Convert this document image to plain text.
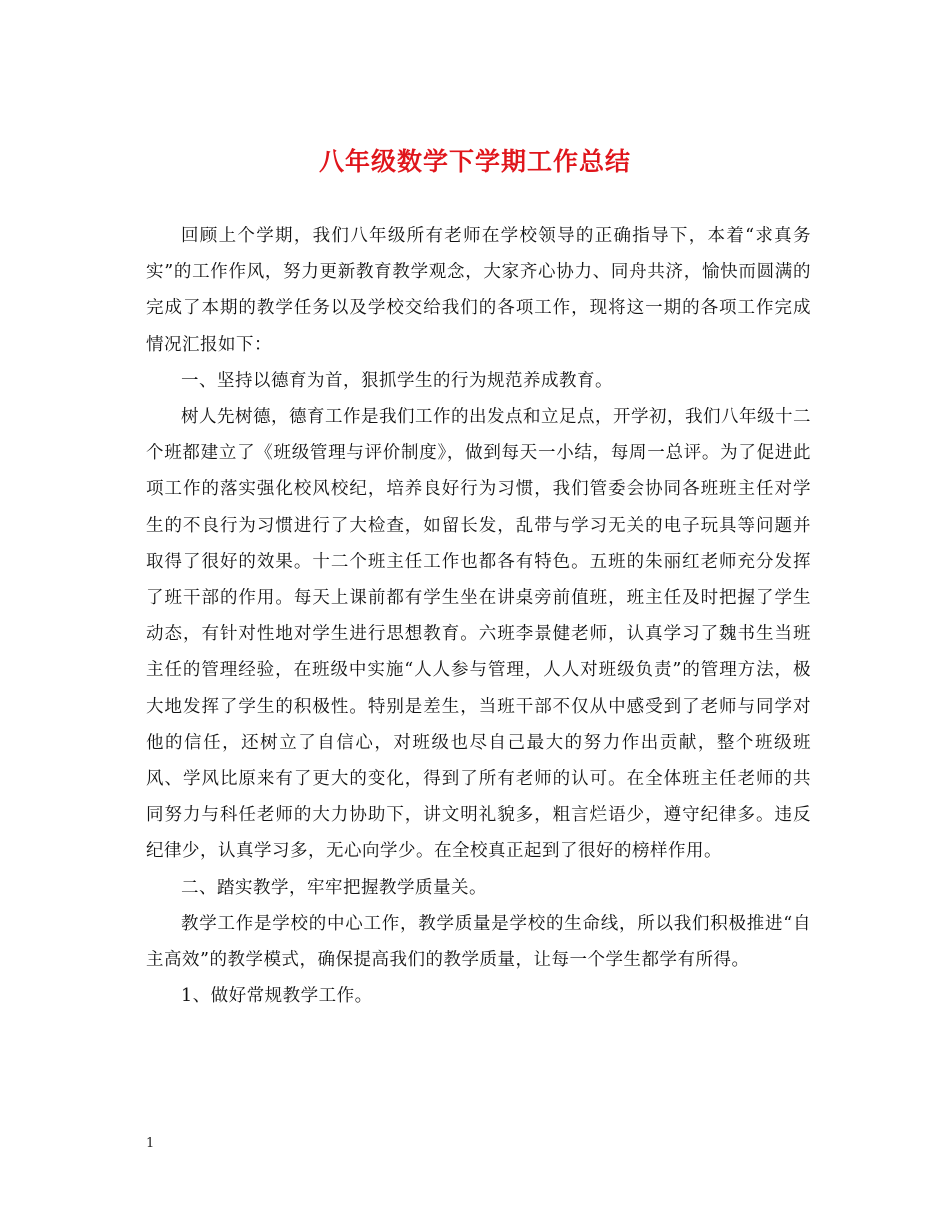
八年级数学下学期工作总结

回顾上个学期，我们八年级所有老师在学校领导的正确指导下，本着“求真务实”的工作作风，努力更新教育教学观念，大家齐心协力、同舟共济，愉快而圆满的完成了本期的教学任务以及学校交给我们的各项工作，现将这一期的各项工作完成情况汇报如下：

一、坚持以德育为首，狠抓学生的行为规范养成教育。

树人先树德，德育工作是我们工作的出发点和立足点，开学初，我们八年级十二个班都建立了《班级管理与评价制度》，做到每天一小结，每周一总评。为了促进此项工作的落实强化校风校纪，培养良好行为习惯，我们管委会协同各班班主任对学生的不良行为习惯进行了大检查，如留长发，乱带与学习无关的电子玩具等问题并取得了很好的效果。十二个班主任工作也都各有特色。五班的朱丽红老师充分发挥了班干部的作用。每天上课前都有学生坐在讲桌旁前值班，班主任及时把握了学生动态，有针对性地对学生进行思想教育。六班李景健老师，认真学习了魏书生当班主任的管理经验，在班级中实施“人人参与管理，人人对班级负责”的管理方法，极大地发挥了学生的积极性。特别是差生，当班干部不仅从中感受到了老师与同学对他的信任，还树立了自信心，对班级也尽自己最大的努力作出贡献，整个班级班风、学风比原来有了更大的变化，得到了所有老师的认可。在全体班主任老师的共同努力与科任老师的大力协助下，讲文明礼貌多，粗言烂语少，遵守纪律多。违反纪律少，认真学习多，无心向学少。在全校真正起到了很好的榜样作用。

二、踏实教学，牢牢把握教学质量关。

教学工作是学校的中心工作，教学质量是学校的生命线，所以我们积极推进“自主高效”的教学模式，确保提高我们的教学质量，让每一个学生都学有所得。

1、做好常规教学工作。

1
